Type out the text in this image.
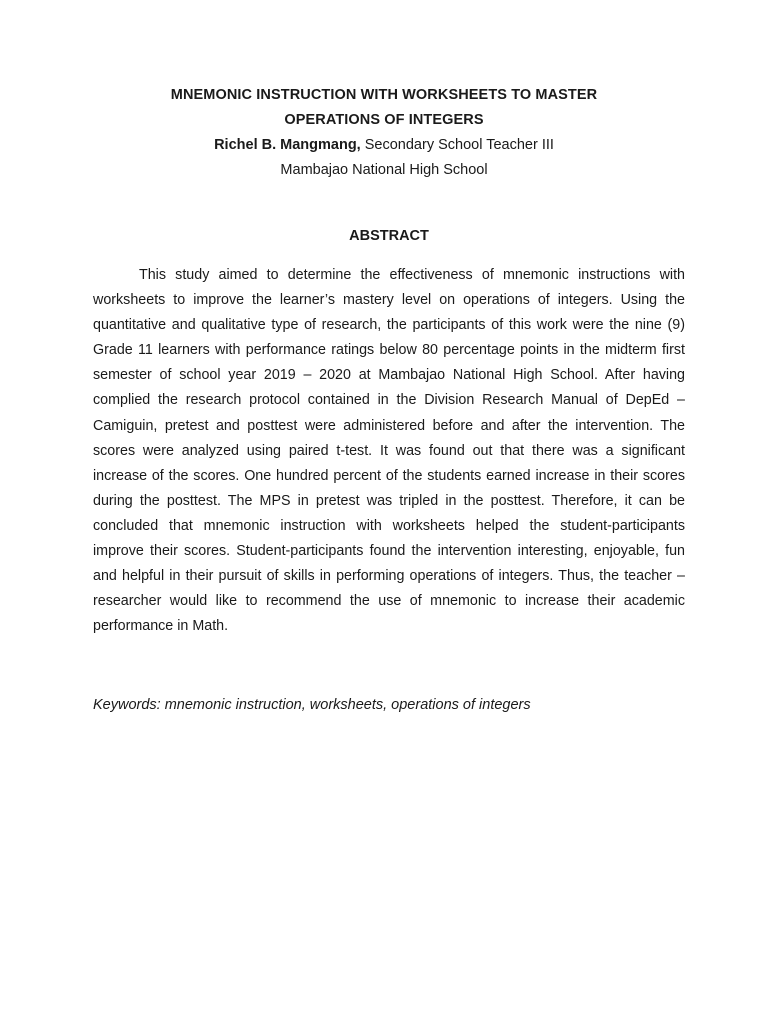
MNEMONIC INSTRUCTION WITH WORKSHEETS TO MASTER
OPERATIONS OF INTEGERS
Richel B. Mangmang, Secondary School Teacher III
Mambajao National High School
ABSTRACT

This study aimed to determine the effectiveness of mnemonic instructions with worksheets to improve the learner’s mastery level on operations of integers. Using the quantitative and qualitative type of research, the participants of this work were the nine (9) Grade 11 learners with performance ratings below 80 percentage points in the midterm first semester of school year 2019 – 2020 at Mambajao National High School. After having complied the research protocol contained in the Division Research Manual of DepEd – Camiguin, pretest and posttest were administered before and after the intervention. The scores were analyzed using paired t-test. It was found out that there was a significant increase of the scores. One hundred percent of the students earned increase in their scores during the posttest. The MPS in pretest was tripled in the posttest. Therefore, it can be concluded that mnemonic instruction with worksheets helped the student-participants improve their scores. Student-participants found the intervention interesting, enjoyable, fun and helpful in their pursuit of skills in performing operations of integers. Thus, the teacher – researcher would like to recommend the use of mnemonic to increase their academic performance in Math.

Keywords: mnemonic instruction, worksheets, operations of integers
